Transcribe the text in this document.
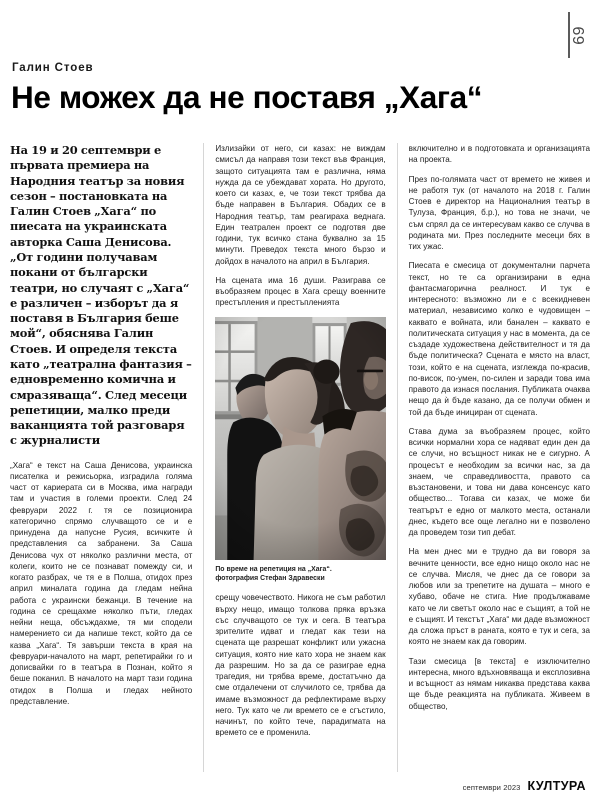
69
Галин Стоев
Не можех да не поставя „Хага“

На 19 и 20 септември е първата премиера на Народния театър за новия сезон – постановката на Галин Стоев „Хага“ по пиесата на украинската авторка Саша Денисова. „От години получавам покани от български театри, но случаят с „Хага“ е различен – изборът да я поставя в България беше мой“, обяснява Галин Стоев. И определя текста като „театрална фантазия – едновременно комична и смразяваща“. След месеци репетиции, малко преди ваканцията той разговаря с журналисти

„Хага“ е текст на Саша Денисова, украинска писателка и режисьорка, изградила голяма част от кариерата си в Москва, има награди там и участия в големи проекти. След 24 февруари 2022 г. тя се позиционира категорично спрямо случващото се и е принудена да напусне Русия, всичките ѝ представления са забранени. За Саша Денисова чух от няколко различни места, от колеги, които не се познават помежду си, и когато разбрах, че тя е в Полша, отидох през април миналата година да гледам нейна работа с украински бежанци. В течение на година се срещахме няколко пъти, гледах нейни неща, обсъждахме, тя ми сподели намерението си да напише текст, който да се казва „Хага“. Тя завърши текста в края на февруари-началото на март, репетирайки го и дописвайки го в театъра в Познан, който я беше поканил. В началото на март тази година отидох в Полша и гледах нейното представление.

Излизайки от него, си казах: не виждам смисъл да направя този текст във Франция, защото ситуацията там е различна, няма нужда да се убеждават хората. Но другото, което си казах, е, че този текст трябва да бъде направен в България. Обадих се в Народния театър, там реагираха веднага. Един театрален проект се подготвя две години, тук всичко стана буквално за 15 минути. Преведох текста много бързо и дойдох в началото на април в България.

На сцената има 16 души. Разиграва се въобразяем процес в Хага срещу военните престъпления и престъпленията

По време на репетиция на „Хага“.
фотография Стефан Здравески

срещу човечеството. Никога не съм работил върху нещо, имащо толкова пряка връзка със случващото се тук и сега. В театъра зрителите идват и гледат как тези на сцената ще разрешат конфликт или ужасна ситуация, която ние като хора не знаем как да разрешим. Но за да се разиграе една трагедия, ни трябва време, достатъчно да сме отдалечени от случилото се, трябва да имаме възможност да рефлектираме върху него. Тук като че ли времето се е сгъстило, начинът, по който тече, парадигмата на времето се е променила.

включително и в подготовката и организацията на проекта.

През по-голямата част от времето не живея и не работя тук (от началото на 2018 г. Галин Стоев е директор на Националния театър в Тулуза, Франция, б.р.), но това не значи, че съм спрял да се интересувам какво се случва в родината ми. През последните месеци бях в тих ужас.

Пиесата е смесица от документални парчета текст, но те са организирани в една фантасмагорична реалност. И тук е интересното: възможно ли е с всекидневен материал, независимо колко е чудовищен – каквато е войната, или банален – каквато е политическата ситуация у нас в момента, да се създаде художествена действителност и тя да бъде политическа? Сцената е място на власт, този, който е на сцената, изглежда по-красив, по-висок, по-умен, по-силен и заради това има правото да изнася послания. Публиката очаква нещо да ѝ бъде казано, да се получи обмен и той да бъде инициран от сцената.

Става дума за въобразяем процес, който всички нормални хора се надяват един ден да се случи, но всъщност никак не е сигурно. А процесът е необходим за всички нас, за да знаем, че справедливостта, правото са възстановени, и това ни дава консенсус като общество... Тогава си казах, че може би театърът е едно от малкото места, останали днес, където все още легално ни е позволено да проведем този тип дебат.

На мен днес ми е трудно да ви говоря за вечните ценности, все едно нищо около нас не се случва. Мисля, че днес да се говори за любов или за трепетите на душата – много е хубаво, обаче не стига. Ние продължаваме като че ли светът около нас е същият, а той не е същият. И текстът „Хага“ ми даде възможност да сложа пръст в раната, която е тук и сега, за която не знаем как да говорим.

Тази смесица [в текста] е изключително интересна, много вдъхновяваща и експлозивна и всъщност аз нямам никаква представа каква ще бъде реакцията на публиката. Живеем в общество,

септември 2023 КУЛТУРА
